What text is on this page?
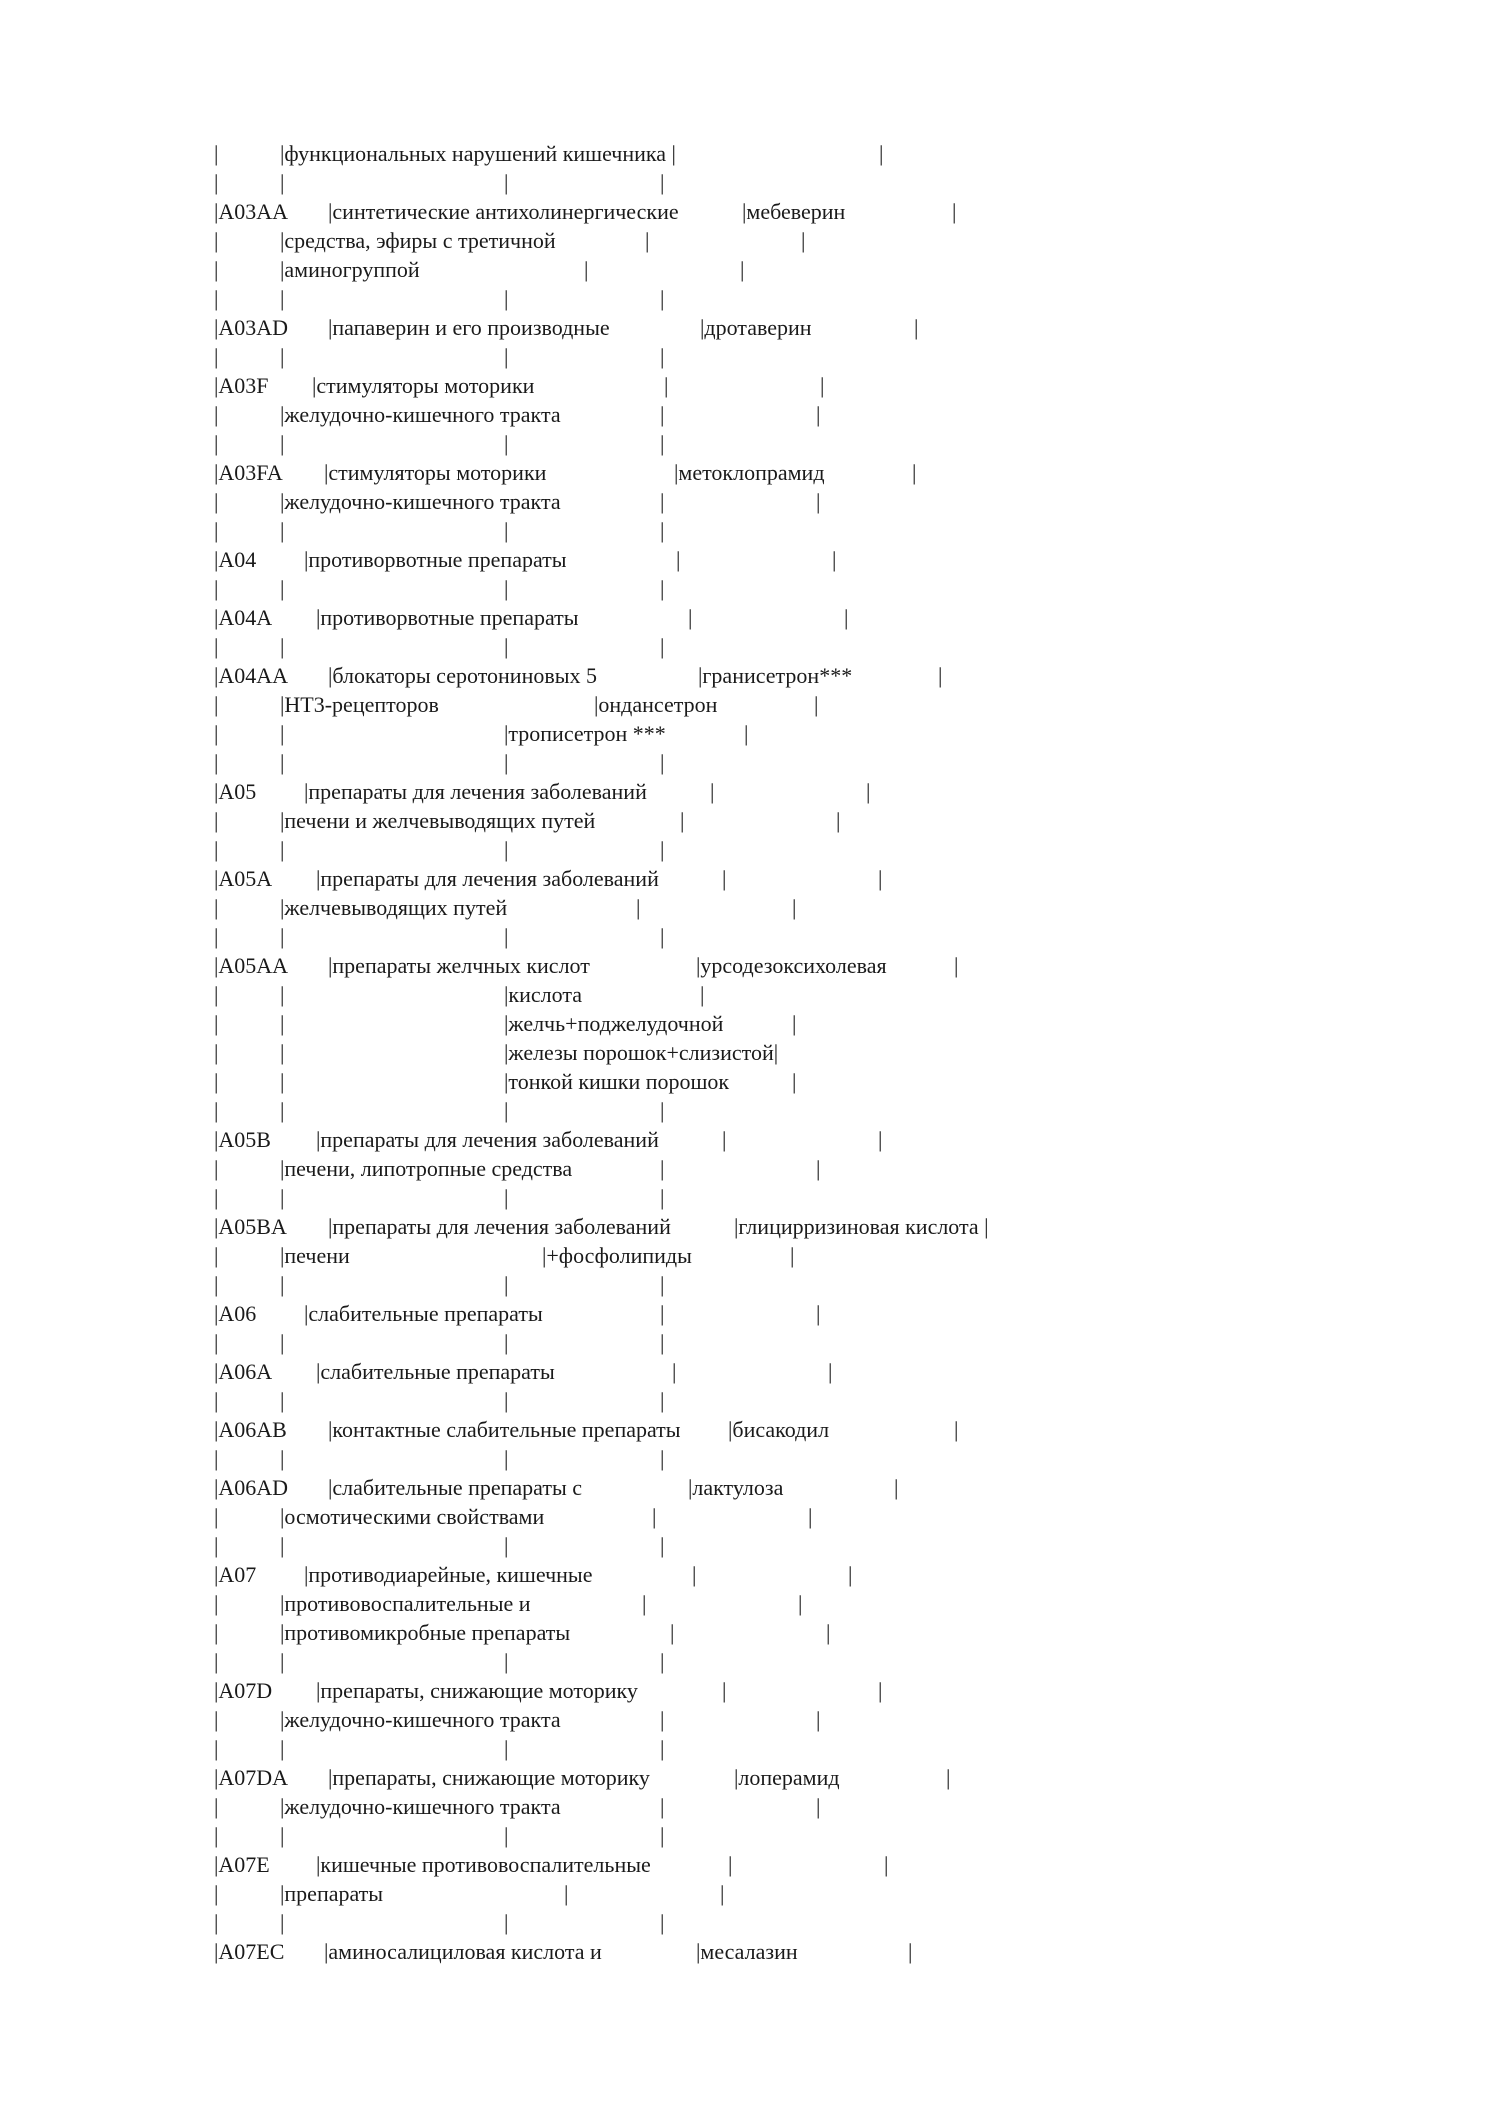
|	|функциональных нарушений кишечника |	|
|	|	|	|
|A03AA |синтетические антихолинергические	|мебеверин	|
|	|средства, эфиры с третичной	|	|
|	|аминогруппой	|	|
|	|	|	|
|A03AD |папаверин и его производные	|дротаверин	|
|	|	|	|
|A03F |стимуляторы моторики	|	|
|	|желудочно-кишечного тракта	|	|
|	|	|	|
|A03FA |стимуляторы моторики	|метоклопрамид	|
|	|желудочно-кишечного тракта	|	|
|	|	|	|
|A04 |противорвотные препараты	|	|
|	|	|	|
|A04A |противорвотные препараты	|	|
|	|	|	|
|A04AA |блокаторы серотониновых 5	|гранисетрон***	|
|	|HT3-рецепторов	|ондансетрон	|
|	|	|трописетрон ***	|
|	|	|	|
|A05 |препараты для лечения заболеваний	|	|
|	|печени и желчевыводящих путей	|	|
|	|	|	|
|A05A |препараты для лечения заболеваний	|	|
|	|желчевыводящих путей	|	|
|	|	|	|
|A05AA |препараты желчных кислот	|урсодезоксихолевая	|
|	|	|кислота	|
|	|	|желчь+поджелудочной	|
|	|	|железы порошок+слизистой|
|	|	|тонкой кишки порошок	|
|	|	|	|
|A05B |препараты для лечения заболеваний	|	|
|	|печени, липотропные средства	|	|
|	|	|	|
|A05BA |препараты для лечения заболеваний	|глицирризиновая кислота |
|	|печени	|+фосфолипиды	|
|	|	|	|
|A06 |слабительные препараты	|	|
|	|	|	|
|A06A |слабительные препараты	|	|
|	|	|	|
|A06AB |контактные слабительные препараты |бисакодил	|
|	|	|	|
|A06AD |слабительные препараты с	|лактулоза	|
|	|осмотическими свойствами	|	|
|	|	|	|
|A07 |противодиарейные, кишечные	|	|
|	|противовоспалительные и	|	|
|	|противомикробные препараты	|	|
|	|	|	|
|A07D |препараты, снижающие моторику	|	|
|	|желудочно-кишечного тракта	|	|
|	|	|	|
|A07DA |препараты, снижающие моторику	|лоперамид	|
|	|желудочно-кишечного тракта	|	|
|	|	|	|
|A07E |кишечные противовоспалительные	|	|
|	|препараты	|	|
|	|	|	|
|A07EC |аминосалициловая кислота и	|месалазин	|
